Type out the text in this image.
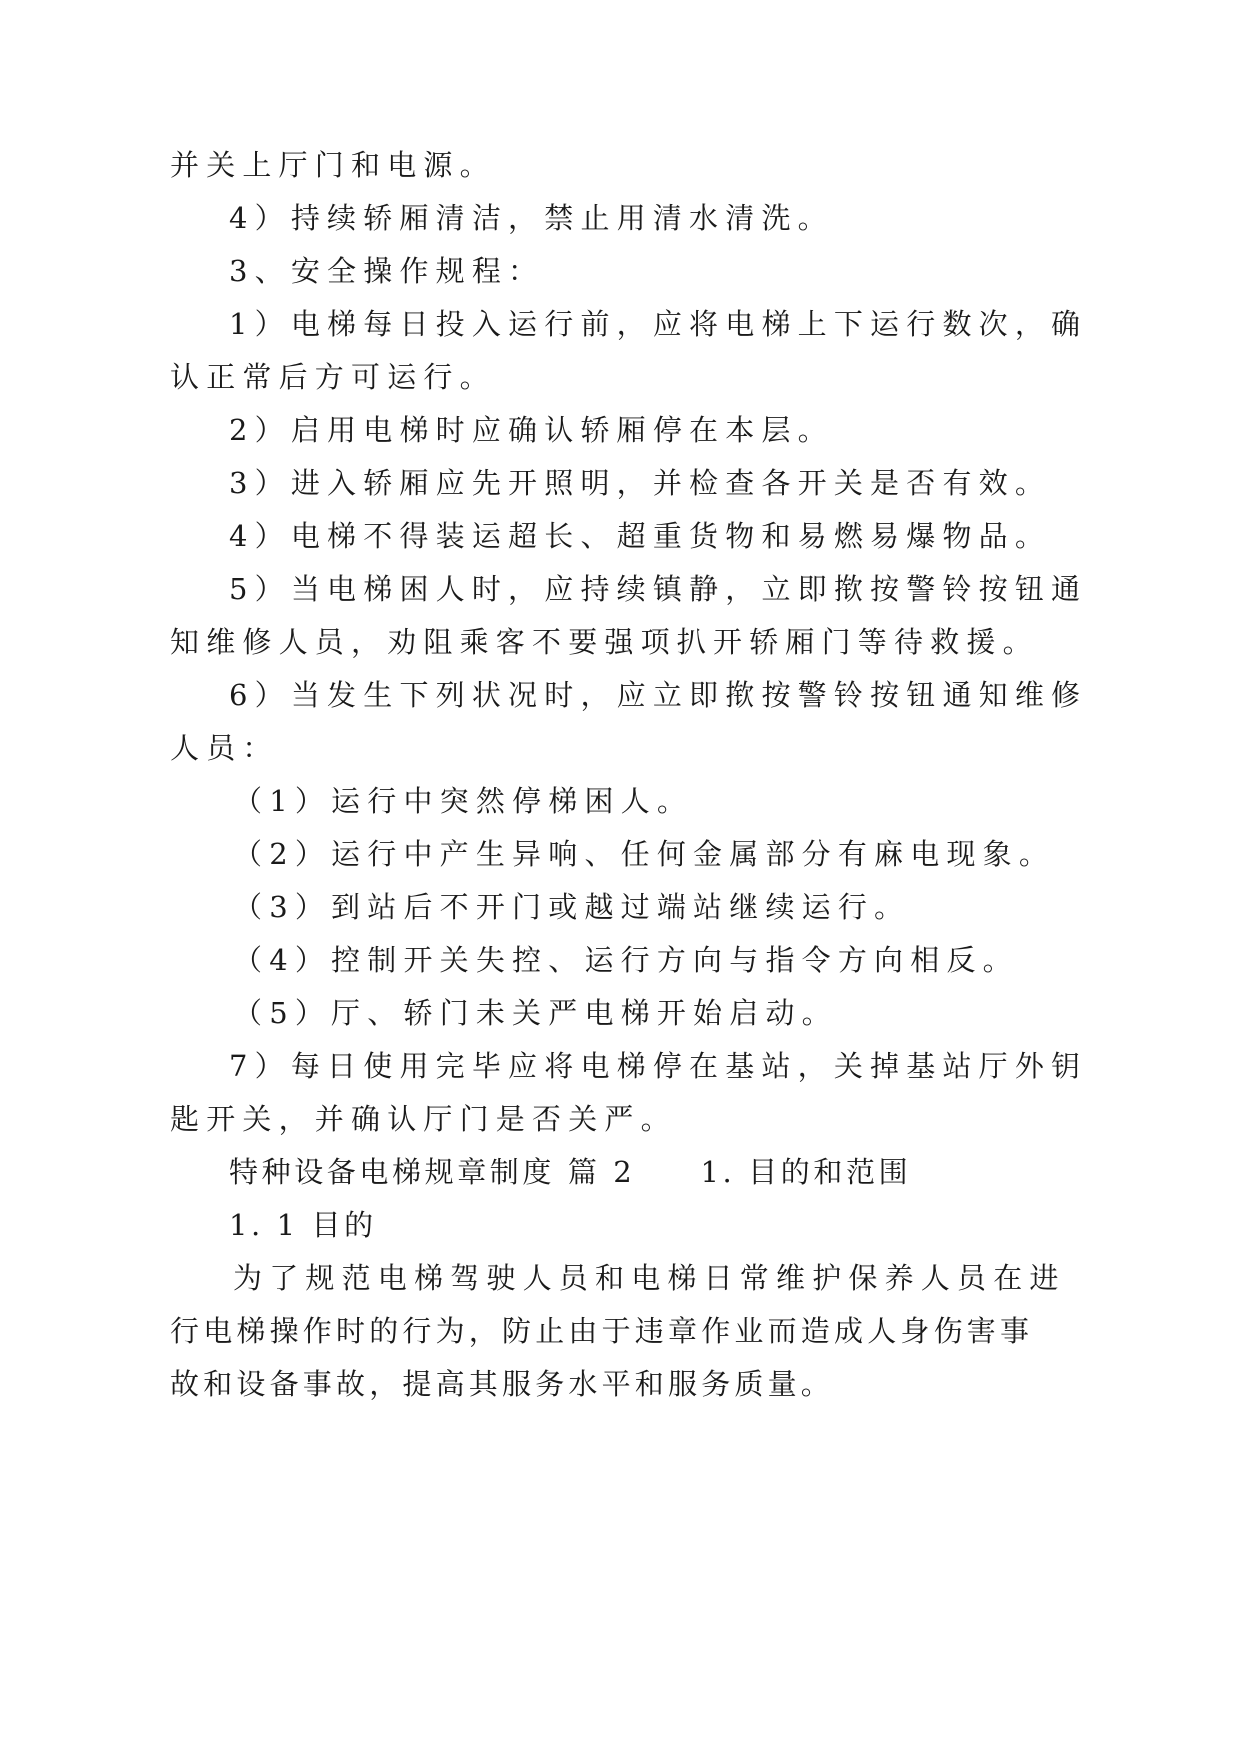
并关上厅门和电源。
4）持续轿厢清洁，禁止用清水清洗。
3、安全操作规程：
1）电梯每日投入运行前，应将电梯上下运行数次，确
认正常后方可运行。
2）启用电梯时应确认轿厢停在本层。
3）进入轿厢应先开照明，并检查各开关是否有效。
4）电梯不得装运超长、超重货物和易燃易爆物品。
5）当电梯困人时，应持续镇静，立即揿按警铃按钮通
知维修人员，劝阻乘客不要强项扒开轿厢门等待救援。
6）当发生下列状况时，应立即揿按警铃按钮通知维修
人员：
（1）运行中突然停梯困人。
（2）运行中产生异响、任何金属部分有麻电现象。
（3）到站后不开门或越过端站继续运行。
（4）控制开关失控、运行方向与指令方向相反。
（5）厅、轿门未关严电梯开始启动。
7）每日使用完毕应将电梯停在基站，关掉基站厅外钥
匙开关，并确认厅门是否关严。
特种设备电梯规章制度 篇 2　　1. 目的和范围
1. 1 目的
为了规范电梯驾驶人员和电梯日常维护保养人员在进
行电梯操作时的行为，防止由于违章作业而造成人身伤害事
故和设备事故，提高其服务水平和服务质量。
